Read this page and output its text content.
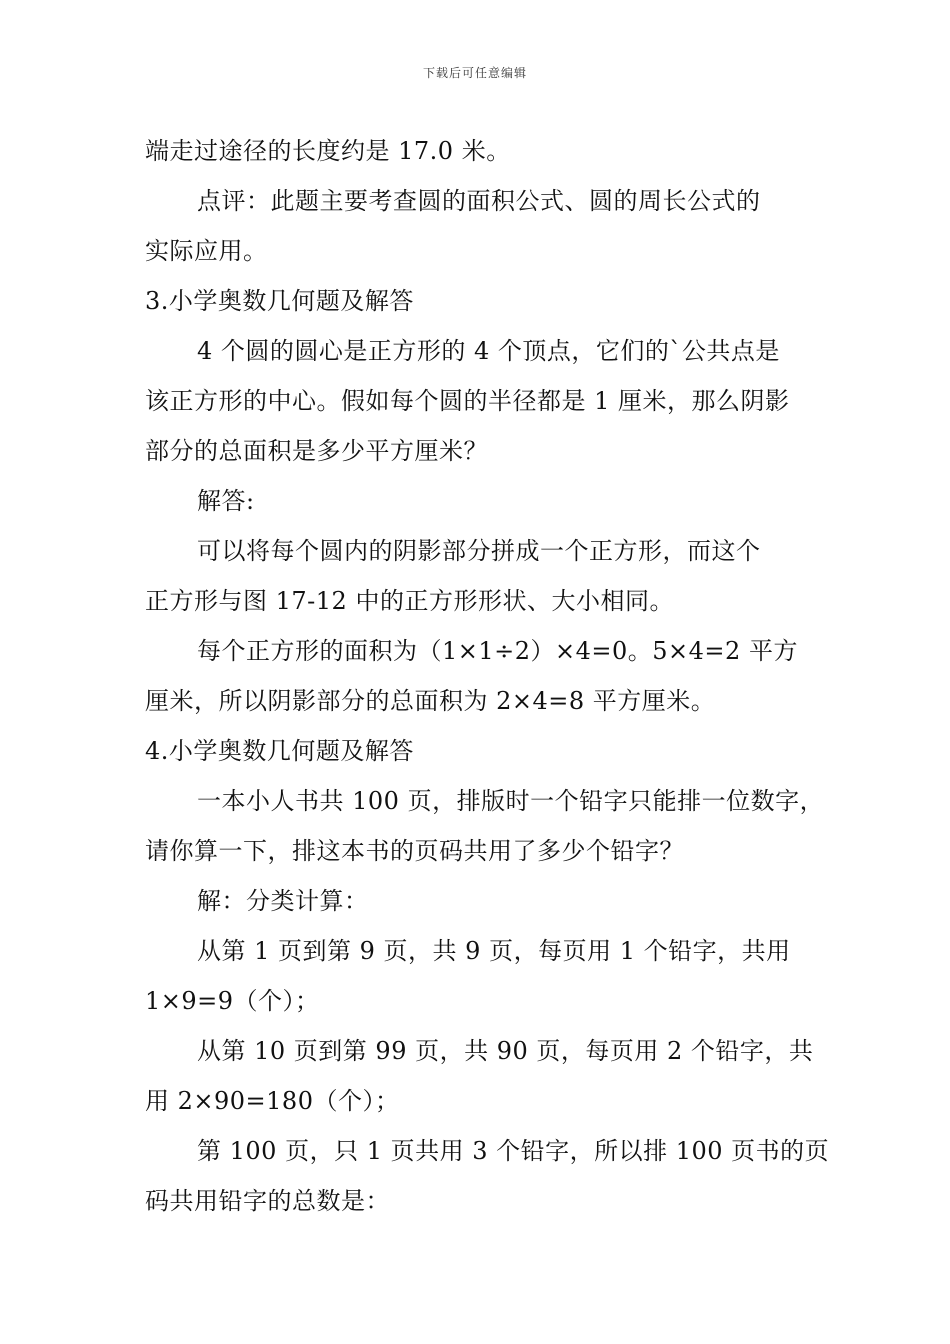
下载后可任意编辑
端走过途径的长度约是 17.0 米。
点评：此题主要考查圆的面积公式、圆的周长公式的
实际应用。
3.小学奥数几何题及解答
4 个圆的圆心是正方形的 4 个顶点，它们的`公共点是
该正方形的中心。假如每个圆的半径都是 1 厘米，那么阴影
部分的总面积是多少平方厘米？
解答:
可以将每个圆内的阴影部分拼成一个正方形，而这个
正方形与图 17-12 中的正方形形状、大小相同。
每个正方形的面积为（1×1÷2）×4=0。5×4=2 平方
厘米，所以阴影部分的总面积为 2×4=8 平方厘米。
4.小学奥数几何题及解答
一本小人书共 100 页，排版时一个铅字只能排一位数字，
请你算一下，排这本书的页码共用了多少个铅字？
解：分类计算：
从第 1 页到第 9 页，共 9 页，每页用 1 个铅字，共用
1×9=9（个）；
从第 10 页到第 99 页，共 90 页，每页用 2 个铅字，共
用 2×90=180（个）；
第 100 页，只 1 页共用 3 个铅字，所以排 100 页书的页
码共用铅字的总数是：
